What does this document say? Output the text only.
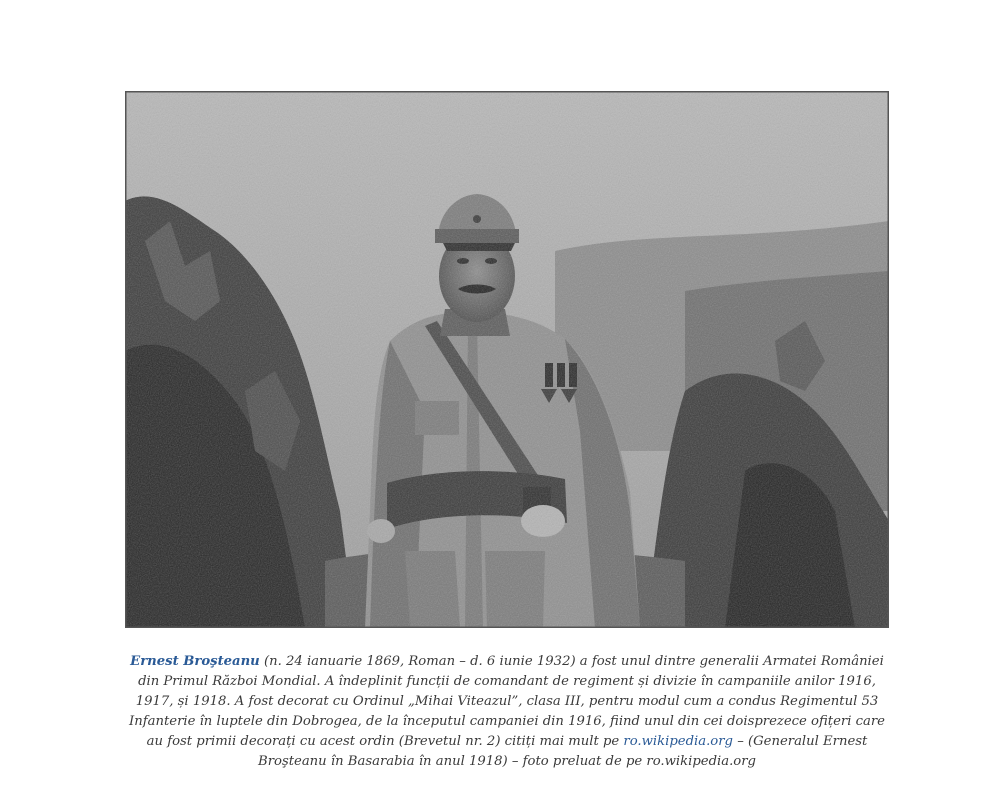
Ernest Broşteanu (n. 24 ianuarie 1869, Roman – d. 6 iunie 1932) a fost unul dintre generalii Armatei României din Primul Război Mondial. A îndeplinit funcții de comandant de regiment și divizie în campaniile anilor 1916, 1917, și 1918. A fost decorat cu Ordinul „Mihai Viteazul”, clasa III, pentru modul cum a condus Regimentul 53 Infanterie în luptele din Dobrogea, de la începutul campaniei din 1916, fiind unul din cei doisprezece ofițeri care au fost primii decorați cu acest ordin (Brevetul nr. 2) citiți mai mult pe ro.wikipedia.org – (Generalul Ernest Broşteanu în Basarabia în anul 1918) – foto preluat de pe ro.wikipedia.org
